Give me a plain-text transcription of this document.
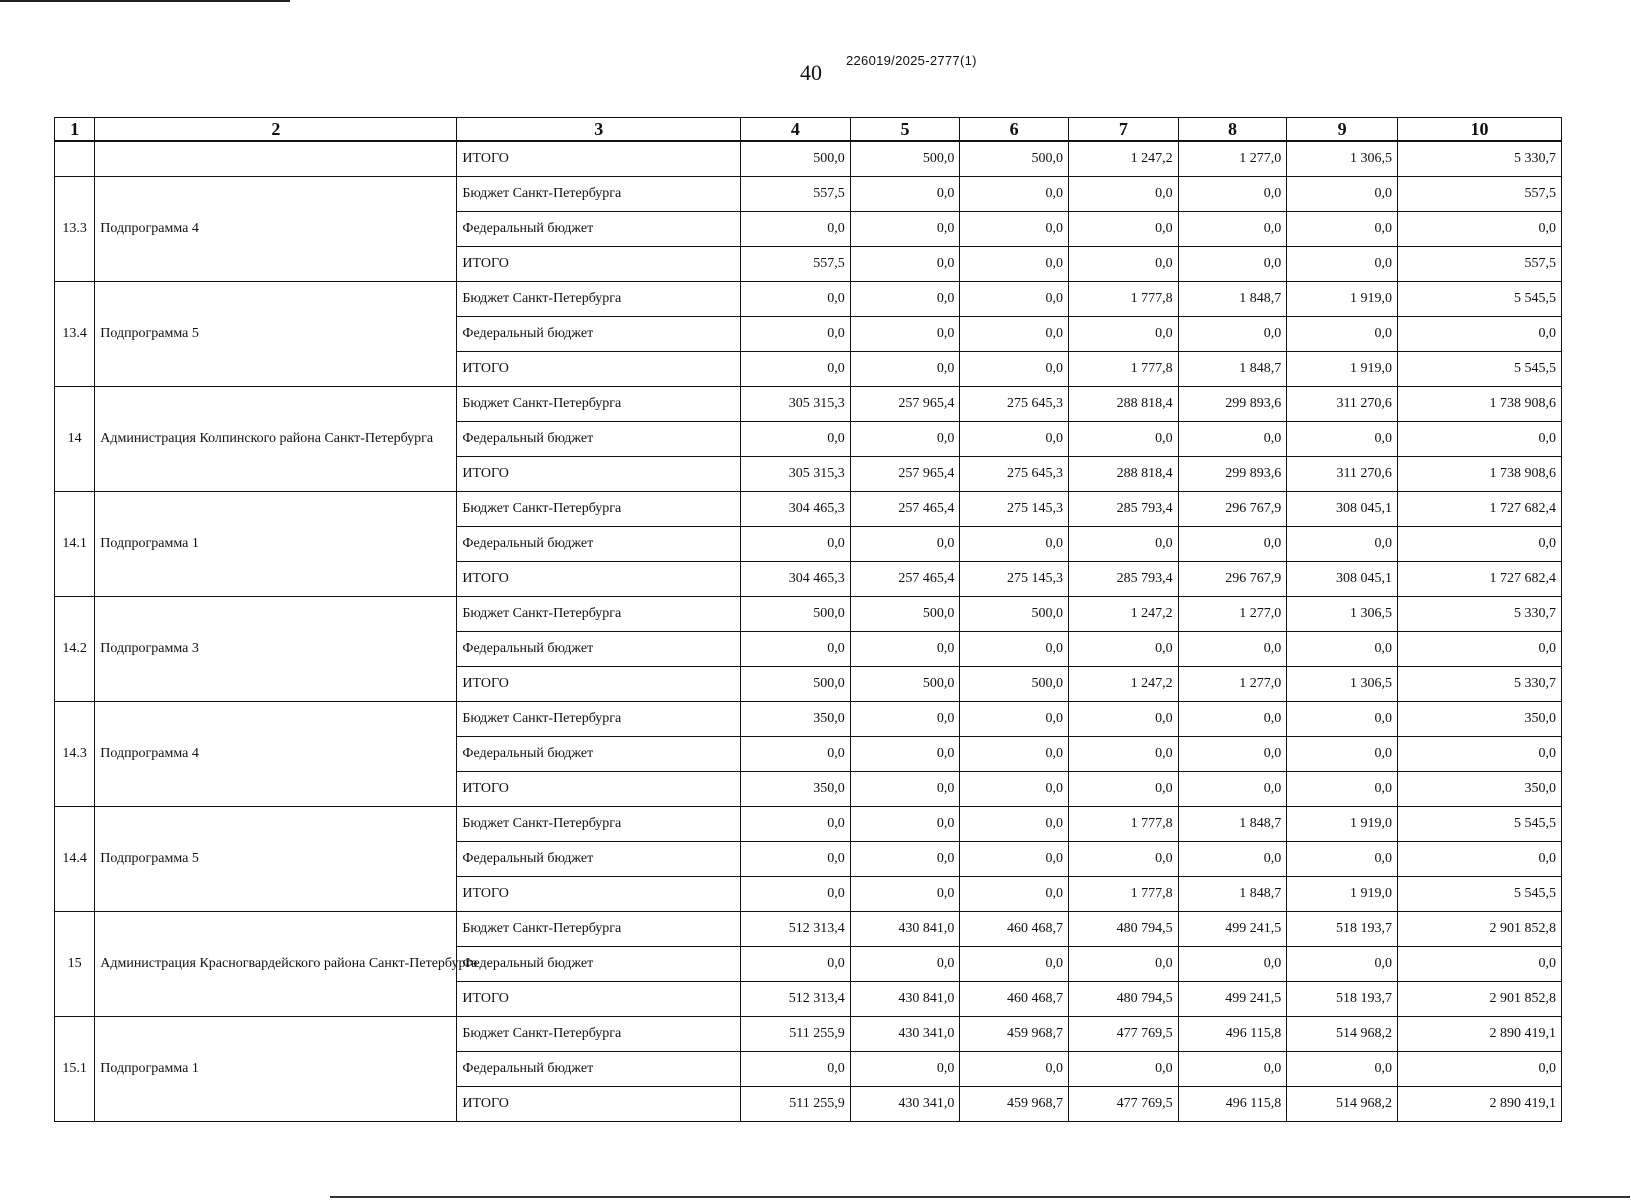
40 226019/2025-2777(1)
1	2	3	4	5	6	7	8	9	10
		ИТОГО	500,0	500,0	500,0	1 247,2	1 277,0	1 306,5	5 330,7
13.3	Подпрограмма 4	Бюджет Санкт-Петербурга	557,5	0,0	0,0	0,0	0,0	0,0	557,5
		Федеральный бюджет	0,0	0,0	0,0	0,0	0,0	0,0	0,0
		ИТОГО	557,5	0,0	0,0	0,0	0,0	0,0	557,5
13.4	Подпрограмма 5	Бюджет Санкт-Петербурга	0,0	0,0	0,0	1 777,8	1 848,7	1 919,0	5 545,5
		Федеральный бюджет	0,0	0,0	0,0	0,0	0,0	0,0	0,0
		ИТОГО	0,0	0,0	0,0	1 777,8	1 848,7	1 919,0	5 545,5
14	Администрация Колпинского района Санкт-Петербурга	Бюджет Санкт-Петербурга	305 315,3	257 965,4	275 645,3	288 818,4	299 893,6	311 270,6	1 738 908,6
		Федеральный бюджет	0,0	0,0	0,0	0,0	0,0	0,0	0,0
		ИТОГО	305 315,3	257 965,4	275 645,3	288 818,4	299 893,6	311 270,6	1 738 908,6
14.1	Подпрограмма 1	Бюджет Санкт-Петербурга	304 465,3	257 465,4	275 145,3	285 793,4	296 767,9	308 045,1	1 727 682,4
		Федеральный бюджет	0,0	0,0	0,0	0,0	0,0	0,0	0,0
		ИТОГО	304 465,3	257 465,4	275 145,3	285 793,4	296 767,9	308 045,1	1 727 682,4
14.2	Подпрограмма 3	Бюджет Санкт-Петербурга	500,0	500,0	500,0	1 247,2	1 277,0	1 306,5	5 330,7
		Федеральный бюджет	0,0	0,0	0,0	0,0	0,0	0,0	0,0
		ИТОГО	500,0	500,0	500,0	1 247,2	1 277,0	1 306,5	5 330,7
14.3	Подпрограмма 4	Бюджет Санкт-Петербурга	350,0	0,0	0,0	0,0	0,0	0,0	350,0
		Федеральный бюджет	0,0	0,0	0,0	0,0	0,0	0,0	0,0
		ИТОГО	350,0	0,0	0,0	0,0	0,0	0,0	350,0
14.4	Подпрограмма 5	Бюджет Санкт-Петербурга	0,0	0,0	0,0	1 777,8	1 848,7	1 919,0	5 545,5
		Федеральный бюджет	0,0	0,0	0,0	0,0	0,0	0,0	0,0
		ИТОГО	0,0	0,0	0,0	1 777,8	1 848,7	1 919,0	5 545,5
15	Администрация Красногвардейского района Санкт-Петербурга	Бюджет Санкт-Петербурга	512 313,4	430 841,0	460 468,7	480 794,5	499 241,5	518 193,7	2 901 852,8
		Федеральный бюджет	0,0	0,0	0,0	0,0	0,0	0,0	0,0
		ИТОГО	512 313,4	430 841,0	460 468,7	480 794,5	499 241,5	518 193,7	2 901 852,8
15.1	Подпрограмма 1	Бюджет Санкт-Петербурга	511 255,9	430 341,0	459 968,7	477 769,5	496 115,8	514 968,2	2 890 419,1
		Федеральный бюджет	0,0	0,0	0,0	0,0	0,0	0,0	0,0
		ИТОГО	511 255,9	430 341,0	459 968,7	477 769,5	496 115,8	514 968,2	2 890 419,1
